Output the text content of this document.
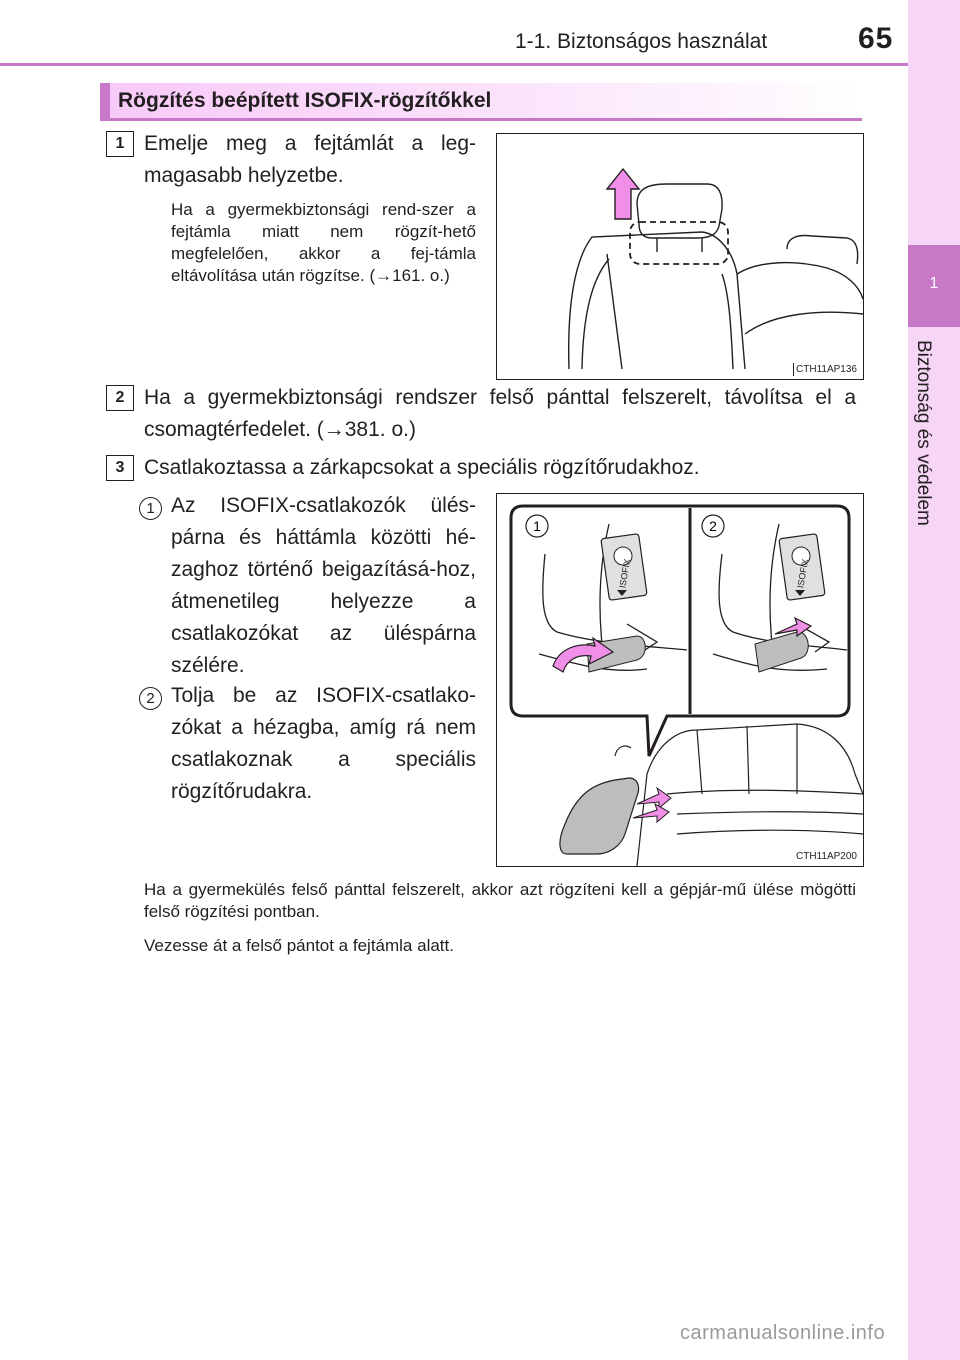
1-1. Biztonságos használat	65
1
Biztonság és védelem
Rögzítés beépített ISOFIX-rögzítőkkel
1 Emelje meg a fejtámlát a leg-magasabb helyzetbe.
Ha a gyermekbiztonsági rend-szer a fejtámla miatt nem rögzít-hető megfelelően, akkor a fej-támla eltávolítása után rögzítse. (→161. o.)
CTH11AP136
2 Ha a gyermekbiztonsági rendszer felső pánttal felszerelt, távolítsa el a csomagtérfedelet. (→381. o.)
3 Csatlakoztassa a zárkapcsokat a speciális rögzítőrudakhoz.
1 Az ISOFIX-csatlakozók ülés-párna és háttámla közötti hé-zaghoz történő beigazításá-hoz, átmenetileg helyezze a csatlakozókat az üléspárna szélére.
2 Tolja be az ISOFIX-csatlako-zókat a hézagba, amíg rá nem csatlakoznak a speciális rögzítőrudakra.
ISOFIX	ISOFIX
1	2
CTH11AP200
Ha a gyermekülés felső pánttal felszerelt, akkor azt rögzíteni kell a gépjár-mű ülése mögötti felső rögzítési pontban.
Vezesse át a felső pántot a fejtámla alatt.
carmanualsonline.info
